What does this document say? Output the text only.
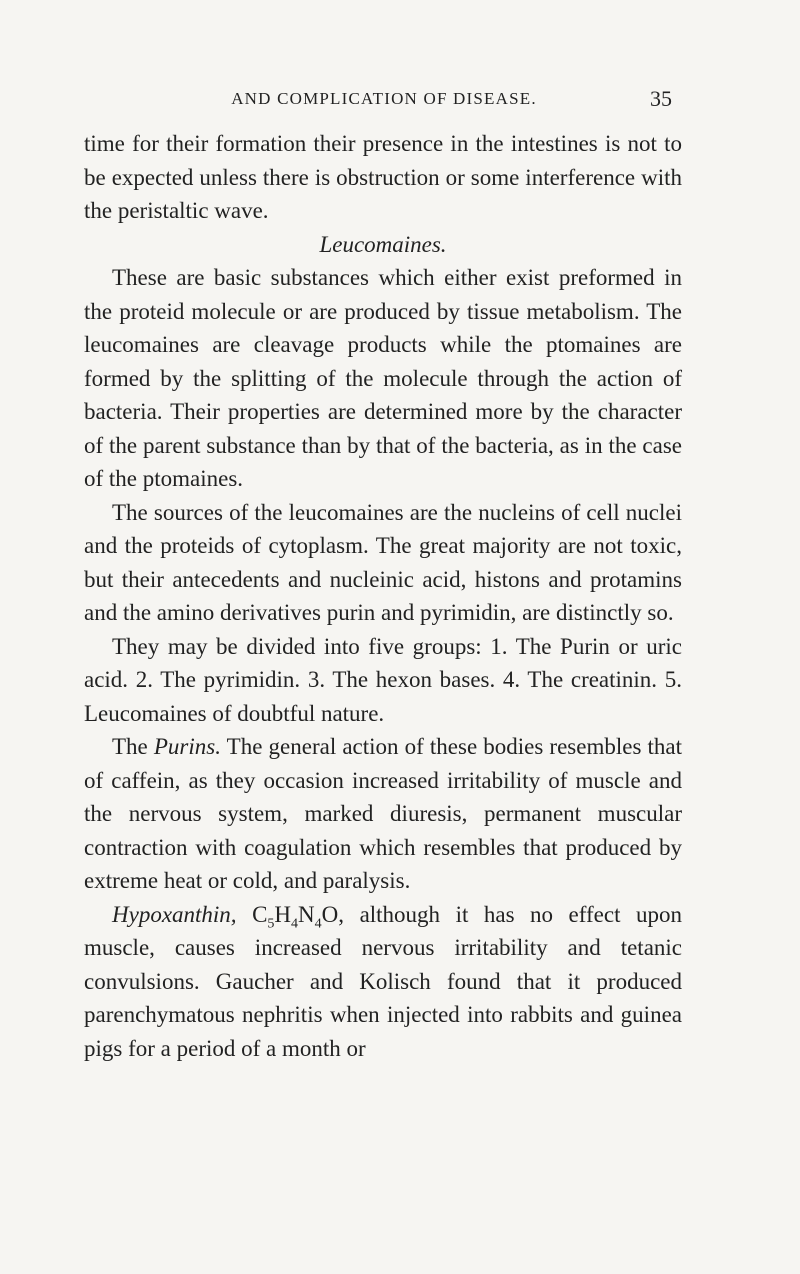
AND COMPLICATION OF DISEASE.	35

time for their formation their presence in the intestines is not to be expected unless there is obstruction or some interference with the peristaltic wave.

Leucomaines.

These are basic substances which either exist preformed in the proteid molecule or are produced by tissue metabolism. The leucomaines are cleavage products while the ptomaines are formed by the splitting of the molecule through the action of bacteria. Their properties are determined more by the character of the parent substance than by that of the bacteria, as in the case of the ptomaines.

The sources of the leucomaines are the nucleins of cell nuclei and the proteids of cytoplasm. The great majority are not toxic, but their antecedents and nucleinic acid, histons and protamins and the amino derivatives purin and pyrimidin, are distinctly so.

They may be divided into five groups: 1. The Purin or uric acid. 2. The pyrimidin. 3. The hexon bases. 4. The creatinin. 5. Leucomaines of doubtful nature.

The Purins. The general action of these bodies resembles that of caffein, as they occasion increased irritability of muscle and the nervous system, marked diuresis, permanent muscular contraction with coagulation which resembles that produced by extreme heat or cold, and paralysis.

Hypoxanthin, $C_5H_4N_4O$, although it has no effect upon muscle, causes increased nervous irritability and tetanic convulsions. Gaucher and Kolisch found that it produced parenchymatous nephritis when injected into rabbits and guinea pigs for a period of a month or
